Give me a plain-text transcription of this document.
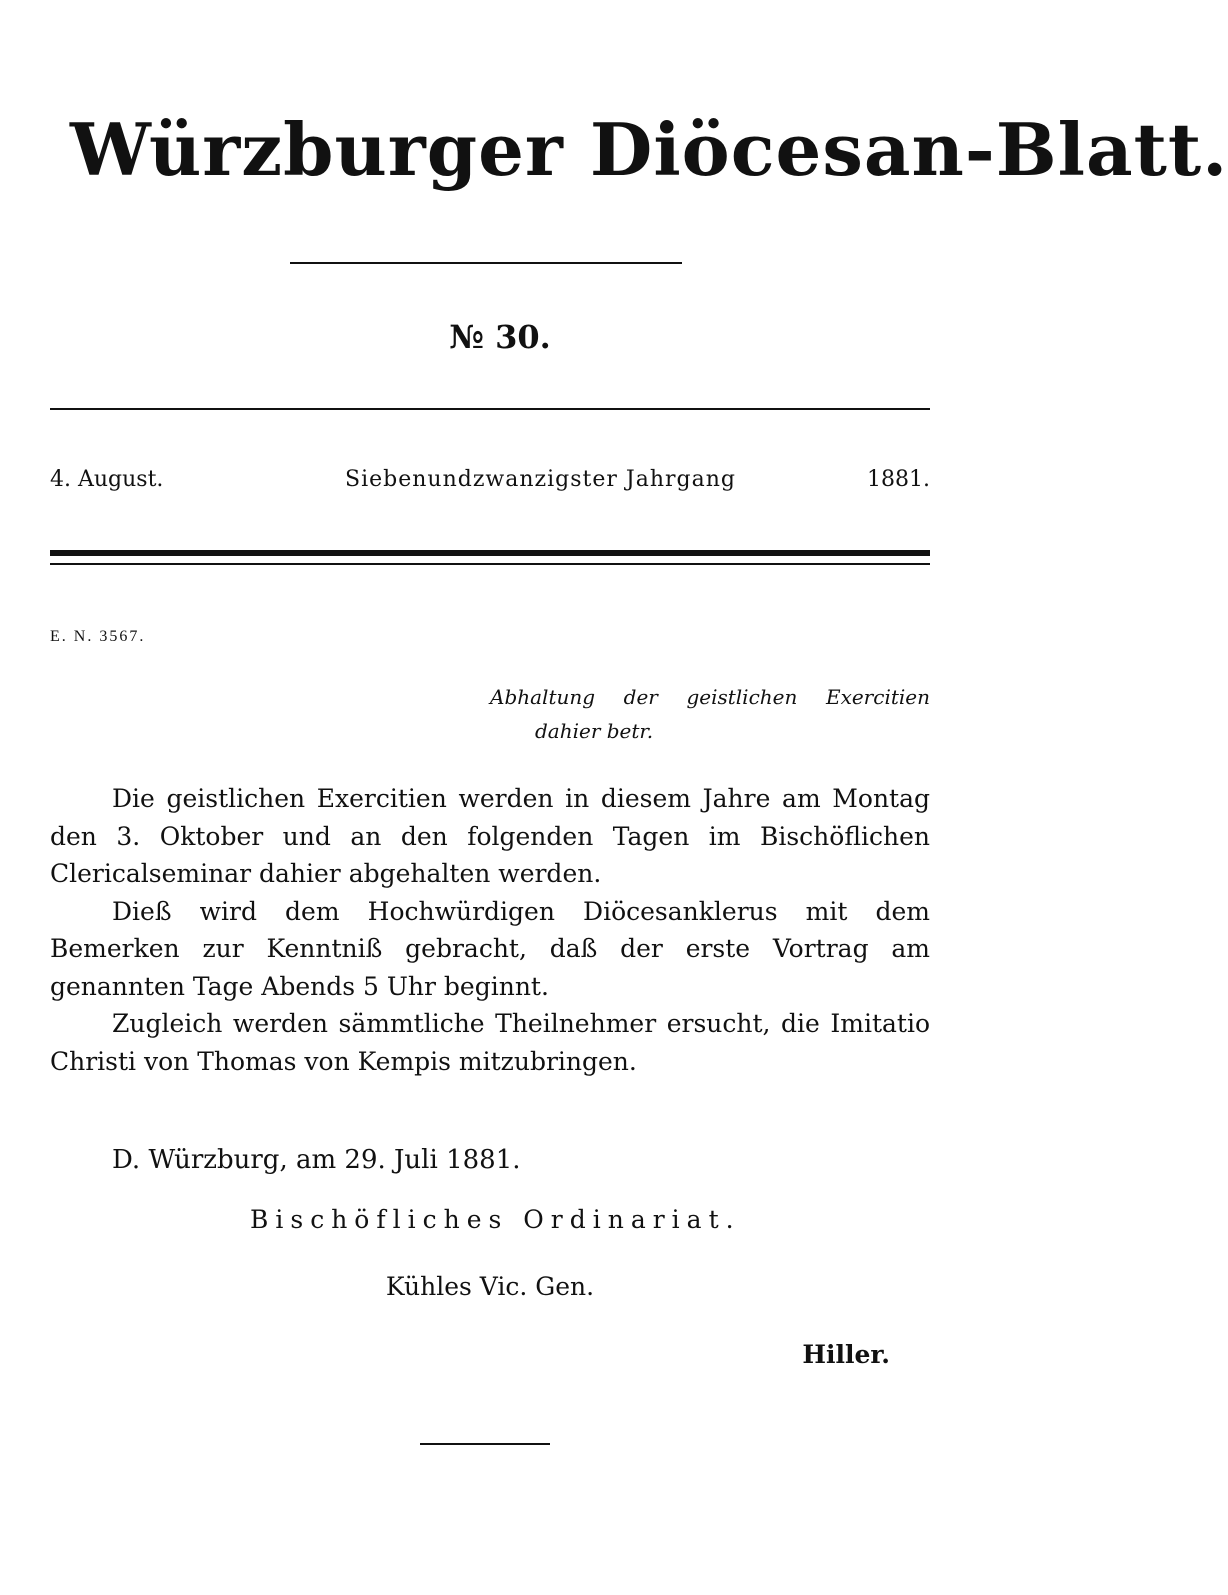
Würzburger Diöcesan-Blatt.
№ 30.
4. August.	Siebenundzwanzigster Jahrgang	1881.
E. N. 3567.
Abhaltung der geistlichen Exercitien
dahier betr.
Die geistlichen Exercitien werden in diesem Jahre am Montag den 3. Oktober und an den folgenden Tagen im Bischöflichen Clericalseminar dahier abgehalten werden.
Dieß wird dem Hochwürdigen Diöcesanklerus mit dem Bemerken zur Kenntniß gebracht, daß der erste Vortrag am genannten Tage Abends 5 Uhr beginnt.
Zugleich werden sämmtliche Theilnehmer ersucht, die Imitatio Christi von Thomas von Kempis mitzubringen.
D. Würzburg, am 29. Juli 1881.
Bischöfliches Ordinariat.
Kühles Vic. Gen.
Hiller.
